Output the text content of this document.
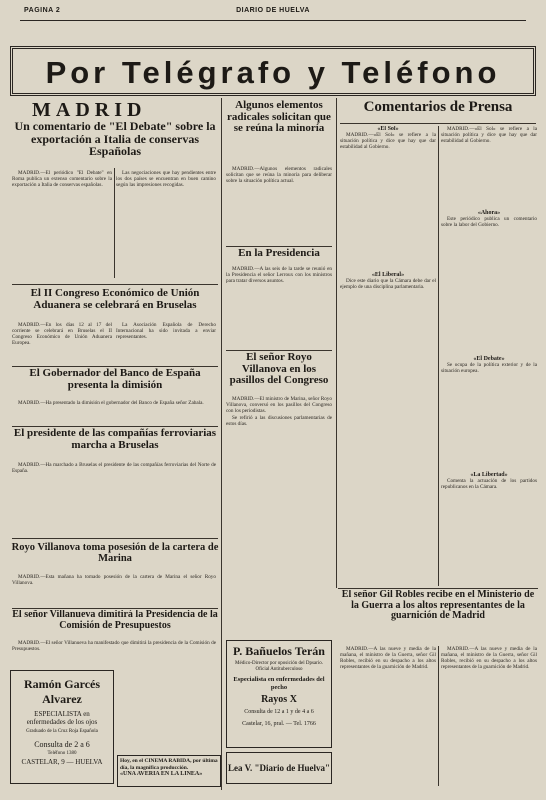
PAGINA 2	DIARIO DE HUELVA
Por Telégrafo y Teléfono
MADRID
Un comentario de "El Debate" sobre la exportación a Italia de conservas Españolas

MADRID.—El periódico "El Debate" en Roma publica un extenso comentario sobre la exportación a Italia de conservas españolas.

Las negociaciones que hay pendientes entre los dos países se encuentran en buen camino según las impresiones recogidas.

El II Congreso Económico de Unión Aduanera se celebrará en Bruselas

MADRID.—En los días 12 al 17 del corriente se celebrará en Bruselas el II Congreso Económico de Unión Aduanera Europea.

La Asociación Española de Derecho Internacional ha sido invitada a enviar representantes.

El Gobernador del Banco de España presenta la dimisión

MADRID.—Ha presentado la dimisión el gobernador del Banco de España señor Zabala.

El presidente de las compañías ferroviarias marcha a Bruselas

MADRID.—Ha marchado a Bruselas el presidente de las compañías ferroviarias del Norte de España.

Royo Villanova toma posesión de la cartera de Marina

MADRID.—Esta mañana ha tomado posesión de la cartera de Marina el señor Royo Villanova.

El señor Villanueva dimitirá la Presidencia de la Comisión de Presupuestos

MADRID.—El señor Villanueva ha manifestado que dimitirá la presidencia de la Comisión de Presupuestos.

Ramón Garcés
Alvarez
ESPECIALISTA en enfermedades de los ojos
Graduado de la Cruz Roja Española
Consulta de 2 a 6
Teléfono 1380
CASTELAR, 9 — HUELVA	Hoy, en el CINEMA RABIDA, por última día, la magnífica producción.
«UNA AVERIA EN LA LINEA»
Algunos elementos radicales solicitan que se reúna la minoría

MADRID.—Algunos elementos radicales solicitan que se reúna la minoría para deliberar sobre la situación política actual.

En la Presidencia

MADRID.—A las seis de la tarde se reunió en la Presidencia el señor Lerroux con los ministros para tratar diversos asuntos.

El señor Royo Villanova en los pasillos del Congreso

MADRID.—El ministro de Marina, señor Royo Villanova, conversó en los pasillos del Congreso con los periodistas.

Se refirió a las discusiones parlamentarias de estos días.

P. Bañuelos Terán
Médico-Director por oposición del Dpsario. Oficial Antituberculoso
Especialista en enfermedades del pecho
Rayos X
Consulta de 12 a 1 y de 4 a 6
Castelar, 16, pral. — Tel. 1766
Lea V. "Diario de Huelva"
Comentarios de Prensa
«El Sol»

MADRID.—«El Sol» se refiere a la situación política y dice que hay que dar estabilidad al Gobierno.

«El Liberal»

Dice este diario que la Cámara debe dar el ejemplo de una disciplina parlamentaria.

MADRID.—«El Sol» se refiere a la situación política y dice que hay que dar estabilidad al Gobierno.

«Ahora»

Este periódico publica un comentario sobre la labor del Gobierno.

«El Debate»

Se ocupa de la política exterior y de la situación europea.

«La Libertad»

Comenta la actuación de los partidos republicanos en la Cámara.

El señor Gil Robles recibe en el Ministerio de la Guerra a los altos representantes de la guarnición de Madrid

MADRID.—A las nueve y media de la mañana, el ministro de la Guerra, señor Gil Robles, recibió en su despacho a los altos representantes de la guarnición de Madrid.

MADRID.—A las nueve y media de la mañana, el ministro de la Guerra, señor Gil Robles, recibió en su despacho a los altos representantes de la guarnición de Madrid.
